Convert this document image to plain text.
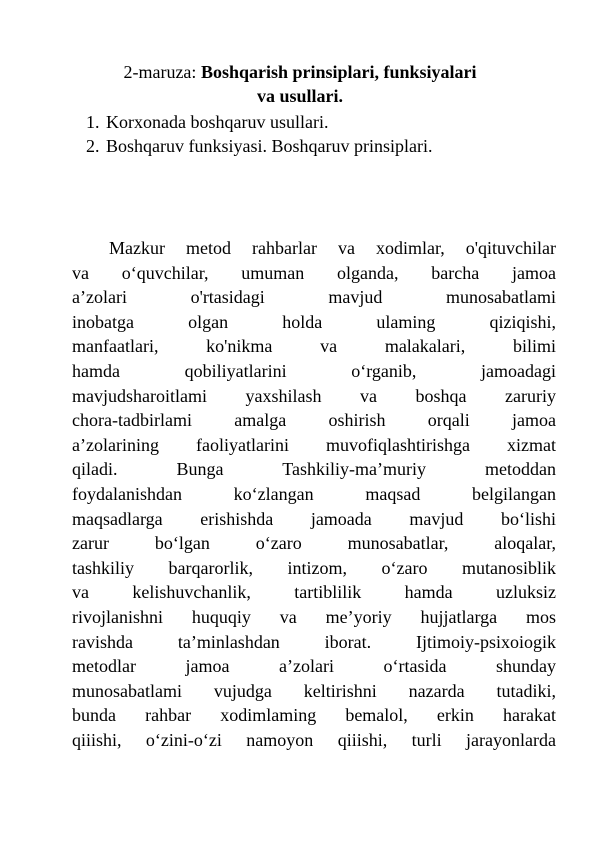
2-maruza: Boshqarish prinsiplari, funksiyalari
va usullari.
1. Korxonada boshqaruv usullari.
2. Boshqaruv funksiyasi. Boshqaruv prinsiplari.
Mazkur metod rahbarlar va xodimlar, o'qituvchilar
va o‘quvchilar, umuman olganda, barcha jamoa
a’zolari o'rtasidagi mavjud munosabatlami
inobatga olgan holda ulaming qiziqishi,
manfaatlari, ko'nikma va malakalari, bilimi
hamda qobiliyatlarini o‘rganib, jamoadagi
mavjudsharoitlami yaxshilash va boshqa zaruriy
chora-tadbirlami amalga oshirish orqali jamoa
a’zolarining faoliyatlarini muvofiqlashtirishga xizmat
qiladi. Bunga Tashkiliy-ma’muriy metoddan
foydalanishdan ko‘zlangan maqsad belgilangan
maqsadlarga erishishda jamoada mavjud bo‘lishi
zarur bo‘lgan o‘zaro munosabatlar, aloqalar,
tashkiliy barqarorlik, intizom, o‘zaro mutanosiblik
va kelishuvchanlik, tartiblilik hamda uzluksiz
rivojlanishni huquqiy va me’yoriy hujjatlarga mos
ravishda ta’minlashdan iborat. Ijtimoiy-psixoiogik
metodlar jamoa a’zolari o‘rtasida shunday
munosabatlami vujudga keltirishni nazarda tutadiki,
bunda rahbar xodimlaming bemalol, erkin harakat
qiiishi, o‘zini-o‘zi namoyon qiiishi, turli jarayonlarda
